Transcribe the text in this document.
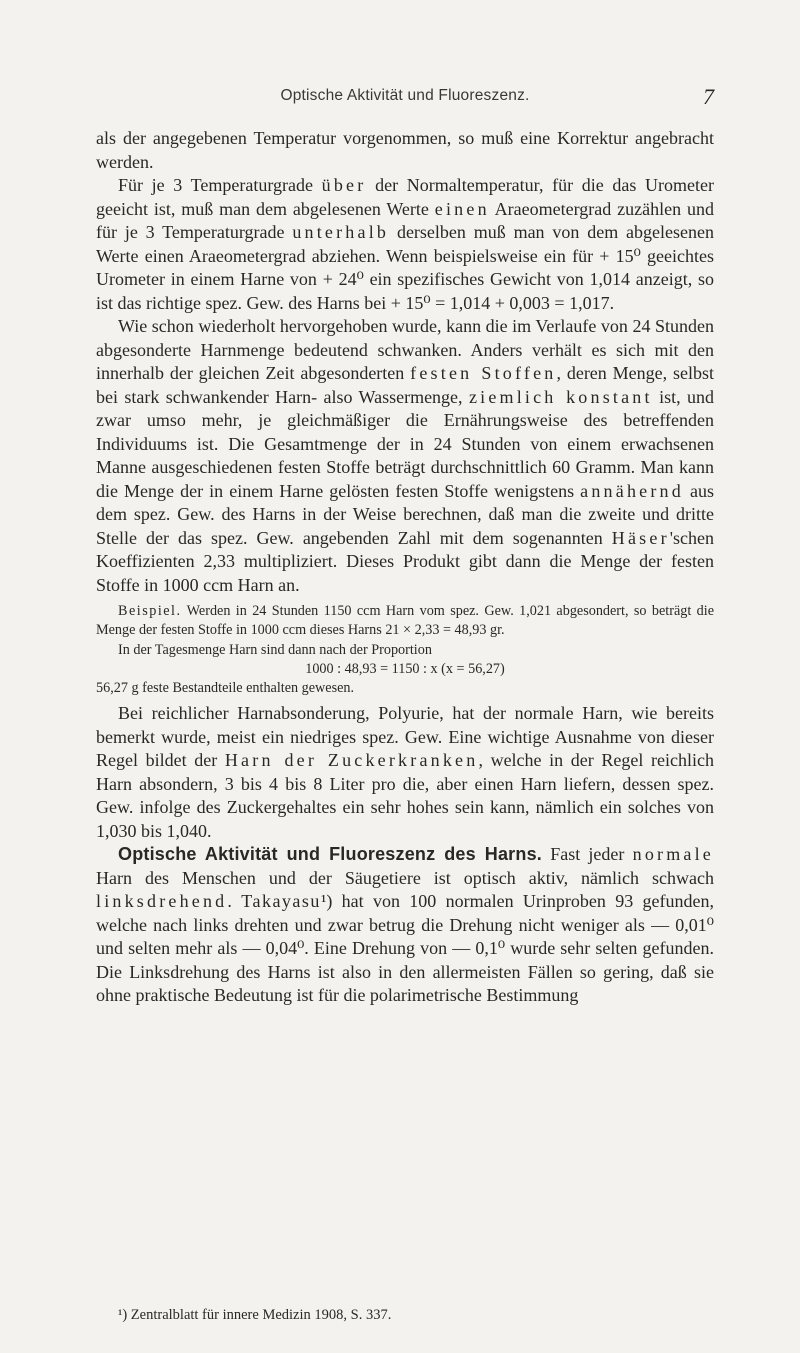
Optische Aktivität und Fluoreszenz.	7

als der angegebenen Temperatur vorgenommen, so muß eine Korrektur angebracht werden.

Für je 3 Temperaturgrade über der Normaltemperatur, für die das Urometer geeicht ist, muß man dem abgelesenen Werte einen Araeometergrad zuzählen und für je 3 Temperaturgrade unterhalb derselben muß man von dem abgelesenen Werte einen Araeometergrad abziehen. Wenn beispielsweise ein für + 15⁰ geeichtes Urometer in einem Harne von + 24⁰ ein spezifisches Gewicht von 1,014 anzeigt, so ist das richtige spez. Gew. des Harns bei + 15⁰ = 1,014 + 0,003 = 1,017.

Wie schon wiederholt hervorgehoben wurde, kann die im Verlaufe von 24 Stunden abgesonderte Harnmenge bedeutend schwanken. Anders verhält es sich mit den innerhalb der gleichen Zeit abgesonderten festen Stoffen, deren Menge, selbst bei stark schwankender Harn- also Wassermenge, ziemlich konstant ist, und zwar umso mehr, je gleichmäßiger die Ernährungsweise des betreffenden Individuums ist. Die Gesamtmenge der in 24 Stunden von einem erwachsenen Manne ausgeschiedenen festen Stoffe beträgt durchschnittlich 60 Gramm. Man kann die Menge der in einem Harne gelösten festen Stoffe wenigstens annähernd aus dem spez. Gew. des Harns in der Weise berechnen, daß man die zweite und dritte Stelle der das spez. Gew. angebenden Zahl mit dem sogenannten Häser'schen Koeffizienten 2,33 multipliziert. Dieses Produkt gibt dann die Menge der festen Stoffe in 1000 ccm Harn an.

Beispiel. Werden in 24 Stunden 1150 ccm Harn vom spez. Gew. 1,021 abgesondert, so beträgt die Menge der festen Stoffe in 1000 ccm dieses Harns 21 × 2,33 = 48,93 gr.

In der Tagesmenge Harn sind dann nach der Proportion

1000 : 48,93 = 1150 : x (x = 56,27)

56,27 g feste Bestandteile enthalten gewesen.

Bei reichlicher Harnabsonderung, Polyurie, hat der normale Harn, wie bereits bemerkt wurde, meist ein niedriges spez. Gew. Eine wichtige Ausnahme von dieser Regel bildet der Harn der Zuckerkranken, welche in der Regel reichlich Harn absondern, 3 bis 4 bis 8 Liter pro die, aber einen Harn liefern, dessen spez. Gew. infolge des Zuckergehaltes ein sehr hohes sein kann, nämlich ein solches von 1,030 bis 1,040.

Optische Aktivität und Fluoreszenz des Harns. Fast jeder normale Harn des Menschen und der Säugetiere ist optisch aktiv, nämlich schwach linksdrehend. Takayasu¹) hat von 100 normalen Urinproben 93 gefunden, welche nach links drehten und zwar betrug die Drehung nicht weniger als — 0,01⁰ und selten mehr als — 0,04⁰. Eine Drehung von — 0,1⁰ wurde sehr selten gefunden. Die Linksdrehung des Harns ist also in den allermeisten Fällen so gering, daß sie ohne praktische Bedeutung ist für die polarimetrische Bestimmung

¹) Zentralblatt für innere Medizin 1908, S. 337.
